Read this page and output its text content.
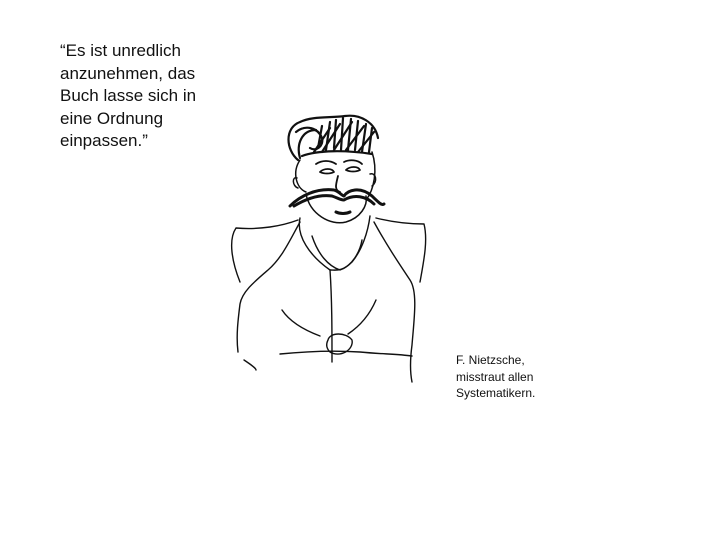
“Es ist unredlich
anzunehmen, das
Buch lasse sich in
eine Ordnung
einpassen.”

F. Nietzsche,
misstraut allen
Systematikern.
